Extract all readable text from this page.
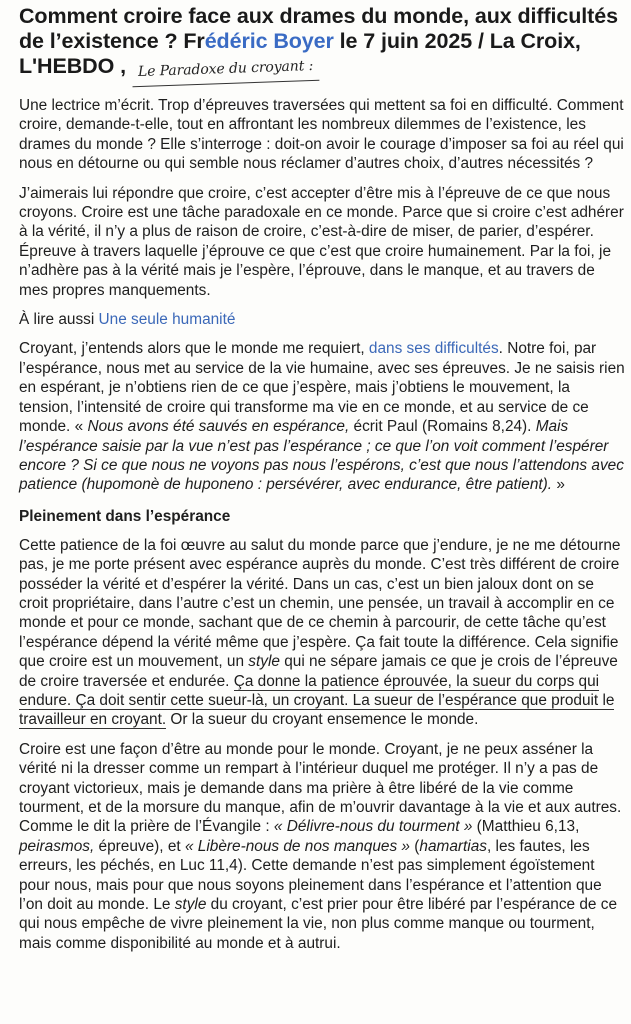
Comment croire face aux drames du monde, aux difficultés de l’existence ? Frédéric Boyer le 7 juin 2025 / La Croix, L'HEBDO , Le Paradoxe du croyant :

Une lectrice m’écrit. Trop d’épreuves traversées qui mettent sa foi en difficulté. Comment croire, demande-t-elle, tout en affrontant les nombreux dilemmes de l’existence, les drames du monde ? Elle s’interroge : doit-on avoir le courage d’imposer sa foi au réel qui nous en détourne ou qui semble nous réclamer d’autres choix, d’autres nécessités ?

J’aimerais lui répondre que croire, c’est accepter d’être mis à l’épreuve de ce que nous croyons. Croire est une tâche paradoxale en ce monde. Parce que si croire c’est adhérer à la vérité, il n’y a plus de raison de croire, c’est-à-dire de miser, de parier, d’espérer. Épreuve à travers laquelle j’éprouve ce que c’est que croire humainement. Par la foi, je n’adhère pas à la vérité mais je l’espère, l’éprouve, dans le manque, et au travers de mes propres manquements.

À lire aussi Une seule humanité

Croyant, j’entends alors que le monde me requiert, dans ses difficultés. Notre foi, par l’espérance, nous met au service de la vie humaine, avec ses épreuves. Je ne saisis rien en espérant, je n’obtiens rien de ce que j’espère, mais j’obtiens le mouvement, la tension, l’intensité de croire qui transforme ma vie en ce monde, et au service de ce monde. « Nous avons été sauvés en espérance, écrit Paul (Romains 8,24). Mais l’espérance saisie par la vue n’est pas l’espérance ; ce que l’on voit comment l’espérer encore ? Si ce que nous ne voyons pas nous l’espérons, c’est que nous l’attendons avec patience (hupomonè de huponeno : persévérer, avec endurance, être patient). »

Pleinement dans l’espérance

Cette patience de la foi œuvre au salut du monde parce que j’endure, je ne me détourne pas, je me porte présent avec espérance auprès du monde. C’est très différent de croire posséder la vérité et d’espérer la vérité. Dans un cas, c’est un bien jaloux dont on se croit propriétaire, dans l’autre c’est un chemin, une pensée, un travail à accomplir en ce monde et pour ce monde, sachant que de ce chemin à parcourir, de cette tâche qu’est l’espérance dépend la vérité même que j’espère. Ça fait toute la différence. Cela signifie que croire est un mouvement, un style qui ne sépare jamais ce que je crois de l’épreuve de croire traversée et endurée. Ça donne la patience éprouvée, la sueur du corps qui endure. Ça doit sentir cette sueur-là, un croyant. La sueur de l’espérance que produit le travailleur en croyant. Or la sueur du croyant ensemence le monde.

Croire est une façon d’être au monde pour le monde. Croyant, je ne peux asséner la vérité ni la dresser comme un rempart à l’intérieur duquel me protéger. Il n’y a pas de croyant victorieux, mais je demande dans ma prière à être libéré de la vie comme tourment, et de la morsure du manque, afin de m’ouvrir davantage à la vie et aux autres. Comme le dit la prière de l’Évangile : « Délivre-nous du tourment » (Matthieu 6,13, peirasmos, épreuve), et « Libère-nous de nos manques » (hamartias, les fautes, les erreurs, les péchés, en Luc 11,4). Cette demande n’est pas simplement égoïstement pour nous, mais pour que nous soyons pleinement dans l’espérance et l’attention que l’on doit au monde. Le style du croyant, c’est prier pour être libéré par l’espérance de ce qui nous empêche de vivre pleinement la vie, non plus comme manque ou tourment, mais comme disponibilité au monde et à autrui.
